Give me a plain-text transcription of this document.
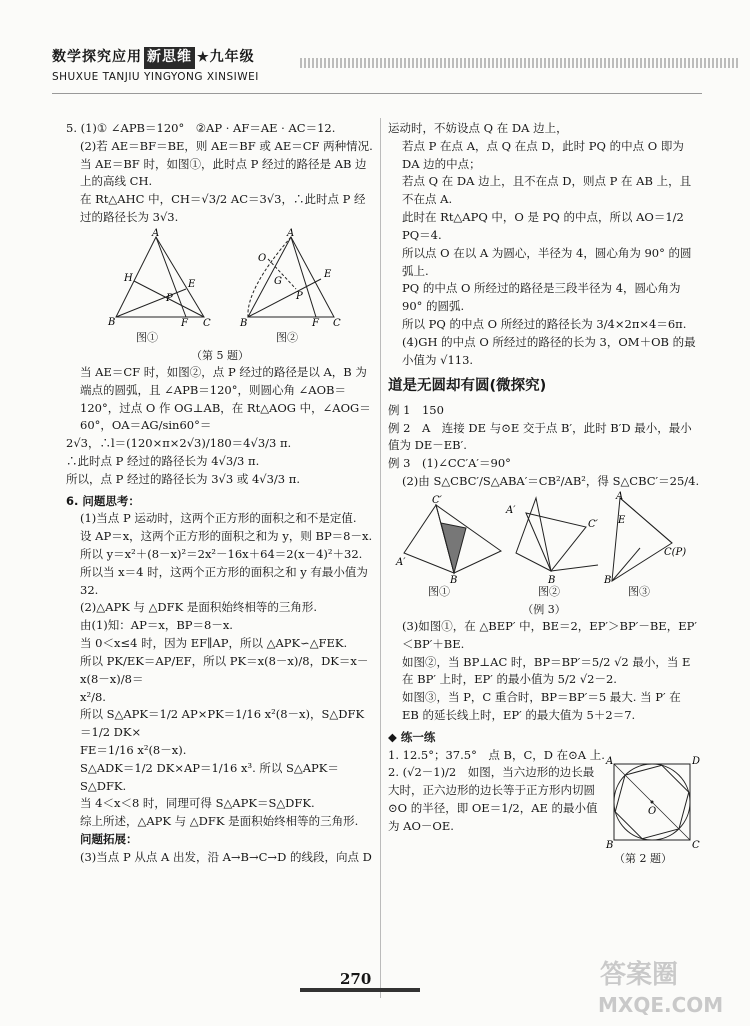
数学探究应用 新思维 ★九年级
SHUXUE TANJIU YINGYONG XINSIWEI

5. (1)① ∠APB＝120°　②AP · AF＝AE · AC＝12.

(2)若 AE＝BF＝BE，则 AE＝BF 或 AE＝CF 两种情况.

当 AE＝BF 时，如图①，此时点 P 经过的路径是 AB 边上的高线 CH.

在 Rt△AHC 中，CH＝√3/2 AC＝3√3，∴此时点 P 经过的路径长为 3√3.

A
B	C
F
H
P
E
A
B	C
F
O
G
P
E
图①	图②
（第 5 题）

当 AE＝CF 时，如图②，点 P 经过的路径是以 A，B 为端点的圆弧，且 ∠APB＝120°，则圆心角 ∠AOB＝120°，过点 O 作 OG⊥AB，在 Rt△AOG 中，∠AOG＝60°，OA＝AG/sin60°＝

2√3，∴l＝(120×π×2√3)/180＝4√3/3 π.

∴此时点 P 经过的路径长为 4√3/3 π.

所以，点 P 经过的路径长为 3√3 或 4√3/3 π.

6. 问题思考：

(1)当点 P 运动时，这两个正方形的面积之和不是定值.

设 AP＝x，这两个正方形的面积之和为 y，则 BP＝8－x.

所以 y＝x²＋(8－x)²＝2x²－16x＋64＝2(x－4)²＋32.

所以当 x＝4 时，这两个正方形的面积之和 y 有最小值为 32.

(2)△APK 与 △DFK 是面积始终相等的三角形.

由(1)知：AP＝x，BP＝8－x.

当 0＜x≤4 时，因为 EF∥AP，所以 △APK∽△FEK.

所以 PK/EK＝AP/EF，所以 PK＝x(8－x)/8，DK＝x－x(8－x)/8＝

x²/8.

所以 S△APK＝1/2 AP×PK＝1/16 x²(8－x)，S△DFK＝1/2 DK×

FE＝1/16 x²(8－x).

S△ADK＝1/2 DK×AP＝1/16 x³. 所以 S△APK＝S△DFK.

当 4＜x＜8 时，同理可得 S△APK＝S△DFK.

综上所述，△APK 与 △DFK 是面积始终相等的三角形.

问题拓展：

(3)当点 P 从点 A 出发，沿 A→B→C→D 的线段，向点 D

运动时，不妨设点 Q 在 DA 边上，

若点 P 在点 A，点 Q 在点 D，此时 PQ 的中点 O 即为 DA 边的中点；

若点 Q 在 DA 边上，且不在点 D，则点 P 在 AB 上，且不在点 A.

此时在 Rt△APQ 中，O 是 PQ 的中点，所以 AO＝1/2 PQ＝4.

所以点 O 在以 A 为圆心，半径为 4，圆心角为 90° 的圆弧上.

PQ 的中点 O 所经过的路径是三段半径为 4，圆心角为 90° 的圆弧.

所以 PQ 的中点 O 所经过的路径长为 3/4×2π×4＝6π.

(4)GH 的中点 O 所经过的路径的长为 3，OM＋OB 的最小值为 √113.

道是无圆却有圆(微探究)

例 1　150

例 2　A　连接 DE 与⊙E 交于点 B′，此时 B′D 最小，最小值为 DE－EB′.

例 3　(1)∠CC′A′＝90°

(2)由 S△CBC′/S△ABA′＝CB²/AB²，得 S△CBC′＝25/4.

C′
A′
B
A′
C′
B
A
E
C(P)
B
图①	图②	图③
（例 3）

(3)如图①，在 △BEP′ 中，BE＝2，EP′＞BP′－BE，EP′＜BP′＋BE.

如图②，当 BP⊥AC 时，BP＝BP′＝5/2 √2 最小，当 E 在 BP′ 上时，EP′ 的最小值为 5/2 √2－2.

如图③，当 P，C 重合时，BP＝BP′＝5 最大. 当 P′ 在 EB 的延长线上时，EP′ 的最大值为 5＋2＝7.

◆ 练一练

1. 12.5°；37.5°　点 B，C，D 在⊙A 上.

2. (√2－1)/2　如图，当六边形的边长最大时，正六边形的边长等于正方形内切圆⊙O 的半径，即 OE＝1/2，AE 的最小值为 AO－OE.

A	D
B	C
O
（第 2 题）
270	答案圈
MXQE.COM
